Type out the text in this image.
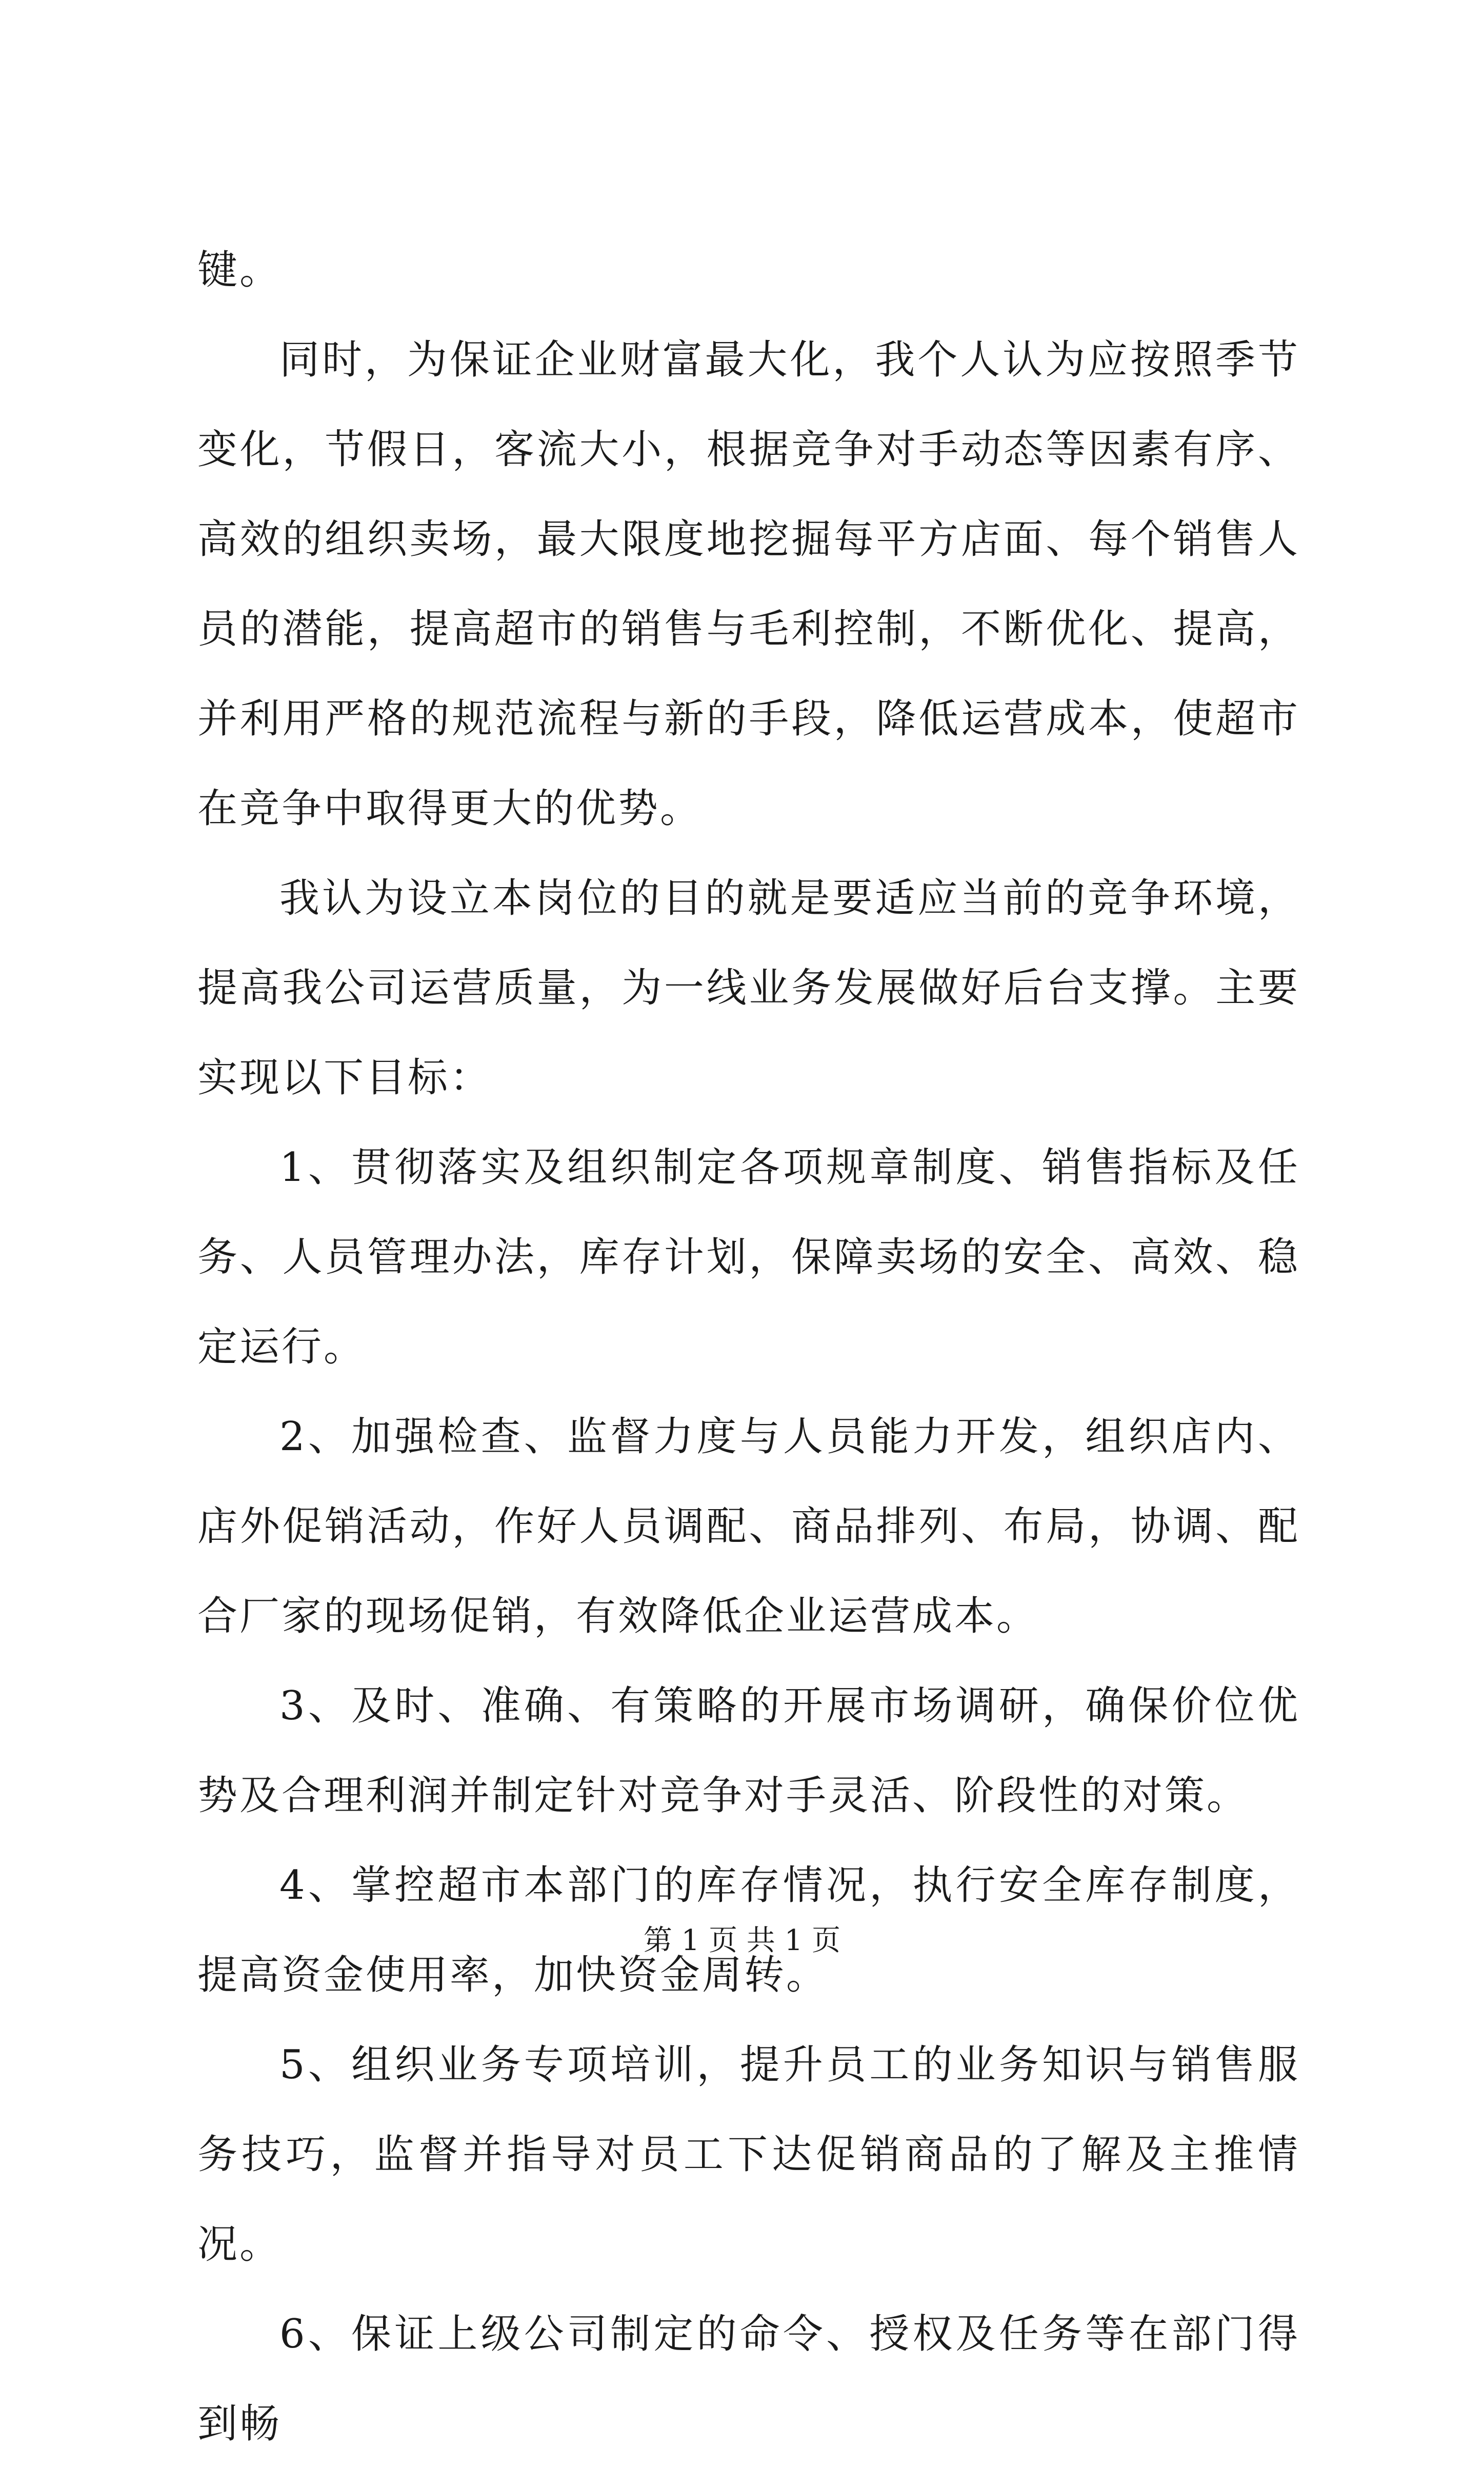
键。

同时，为保证企业财富最大化，我个人认为应按照季节变化，节假日，客流大小，根据竞争对手动态等因素有序、高效的组织卖场，最大限度地挖掘每平方店面、每个销售人员的潜能，提高超市的销售与毛利控制，不断优化、提高，并利用严格的规范流程与新的手段，降低运营成本，使超市在竞争中取得更大的优势。

我认为设立本岗位的目的就是要适应当前的竞争环境，提高我公司运营质量，为一线业务发展做好后台支撑。主要实现以下目标：

1、贯彻落实及组织制定各项规章制度、销售指标及任务、人员管理办法，库存计划，保障卖场的安全、高效、稳定运行。

2、加强检查、监督力度与人员能力开发，组织店内、店外促销活动，作好人员调配、商品排列、布局，协调、配合厂家的现场促销，有效降低企业运营成本。

3、及时、准确、有策略的开展市场调研，确保价位优势及合理利润并制定针对竞争对手灵活、阶段性的对策。

4、掌控超市本部门的库存情况，执行安全库存制度，提高资金使用率，加快资金周转。

5、组织业务专项培训，提升员工的业务知识与销售服务技巧，监督并指导对员工下达促销商品的了解及主推情况。

6、保证上级公司制定的命令、授权及任务等在部门得到畅

第 1 页 共 1 页
